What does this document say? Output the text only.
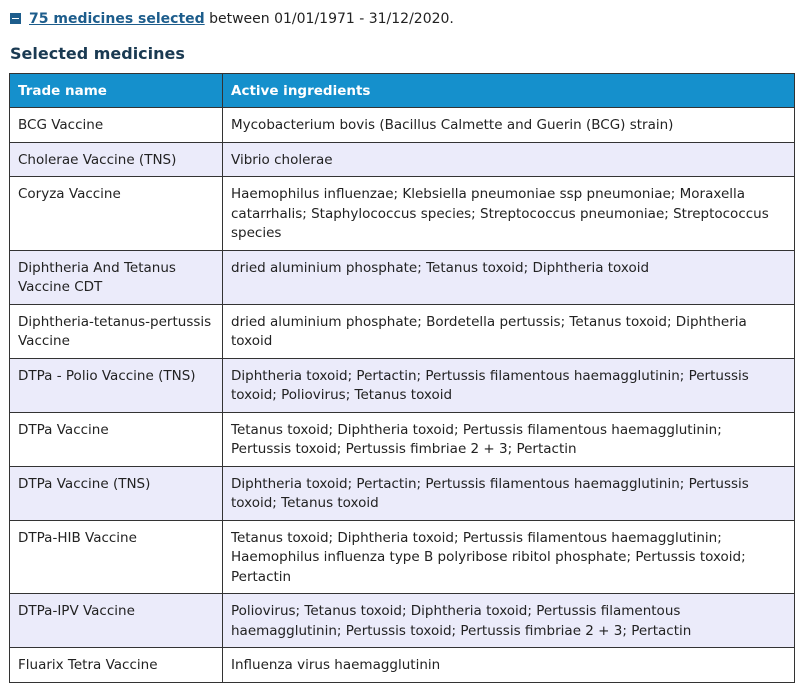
75 medicines selected between 01/01/1971 - 31/12/2020.
Selected medicines
Trade name	Active ingredients
BCG Vaccine	Mycobacterium bovis (Bacillus Calmette and Guerin (BCG) strain)
Cholerae Vaccine (TNS)	Vibrio cholerae
Coryza Vaccine	Haemophilus influenzae; Klebsiella pneumoniae ssp pneumoniae; Moraxella catarrhalis; Staphylococcus species; Streptococcus pneumoniae; Streptococcus species
Diphtheria And Tetanus Vaccine CDT	dried aluminium phosphate; Tetanus toxoid; Diphtheria toxoid
Diphtheria-tetanus-pertussis Vaccine	dried aluminium phosphate; Bordetella pertussis; Tetanus toxoid; Diphtheria toxoid
DTPa - Polio Vaccine (TNS)	Diphtheria toxoid; Pertactin; Pertussis filamentous haemagglutinin; Pertussis toxoid; Poliovirus; Tetanus toxoid
DTPa Vaccine	Tetanus toxoid; Diphtheria toxoid; Pertussis filamentous haemagglutinin; Pertussis toxoid; Pertussis fimbriae 2 + 3; Pertactin
DTPa Vaccine (TNS)	Diphtheria toxoid; Pertactin; Pertussis filamentous haemagglutinin; Pertussis toxoid; Tetanus toxoid
DTPa-HIB Vaccine	Tetanus toxoid; Diphtheria toxoid; Pertussis filamentous haemagglutinin; Haemophilus influenza type B polyribose ribitol phosphate; Pertussis toxoid; Pertactin
DTPa-IPV Vaccine	Poliovirus; Tetanus toxoid; Diphtheria toxoid; Pertussis filamentous haemagglutinin; Pertussis toxoid; Pertussis fimbriae 2 + 3; Pertactin
Fluarix Tetra Vaccine	Influenza virus haemagglutinin
